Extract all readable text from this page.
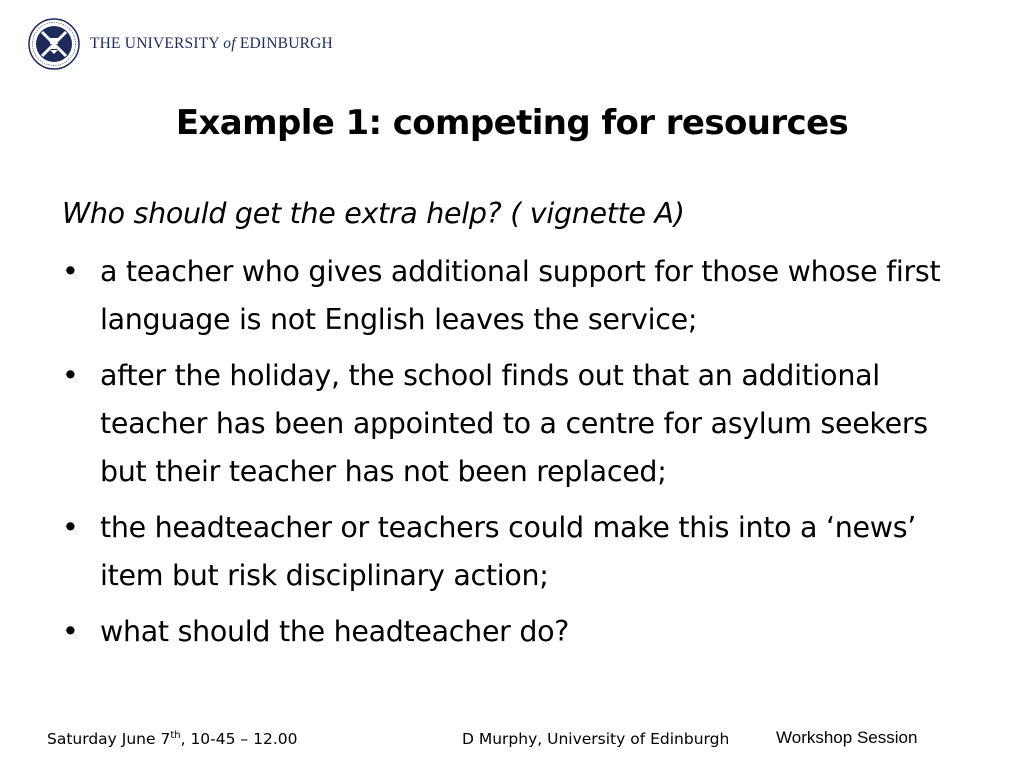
THE UNIVERSITY of EDINBURGH
Example 1: competing for resources

Who should get the extra help? ( vignette A)

• a teacher who gives additional support for those whose first language is not English leaves the service;
• after the holiday, the school finds out that an additional teacher has been appointed to a centre for asylum seekers but their teacher has not been replaced;
• the headteacher or teachers could make this into a ‘news’ item but risk disciplinary action;
• what should the headteacher do?
Saturday June 7th, 10-45 – 12.00	D Murphy, University of Edinburgh	Workshop Session
